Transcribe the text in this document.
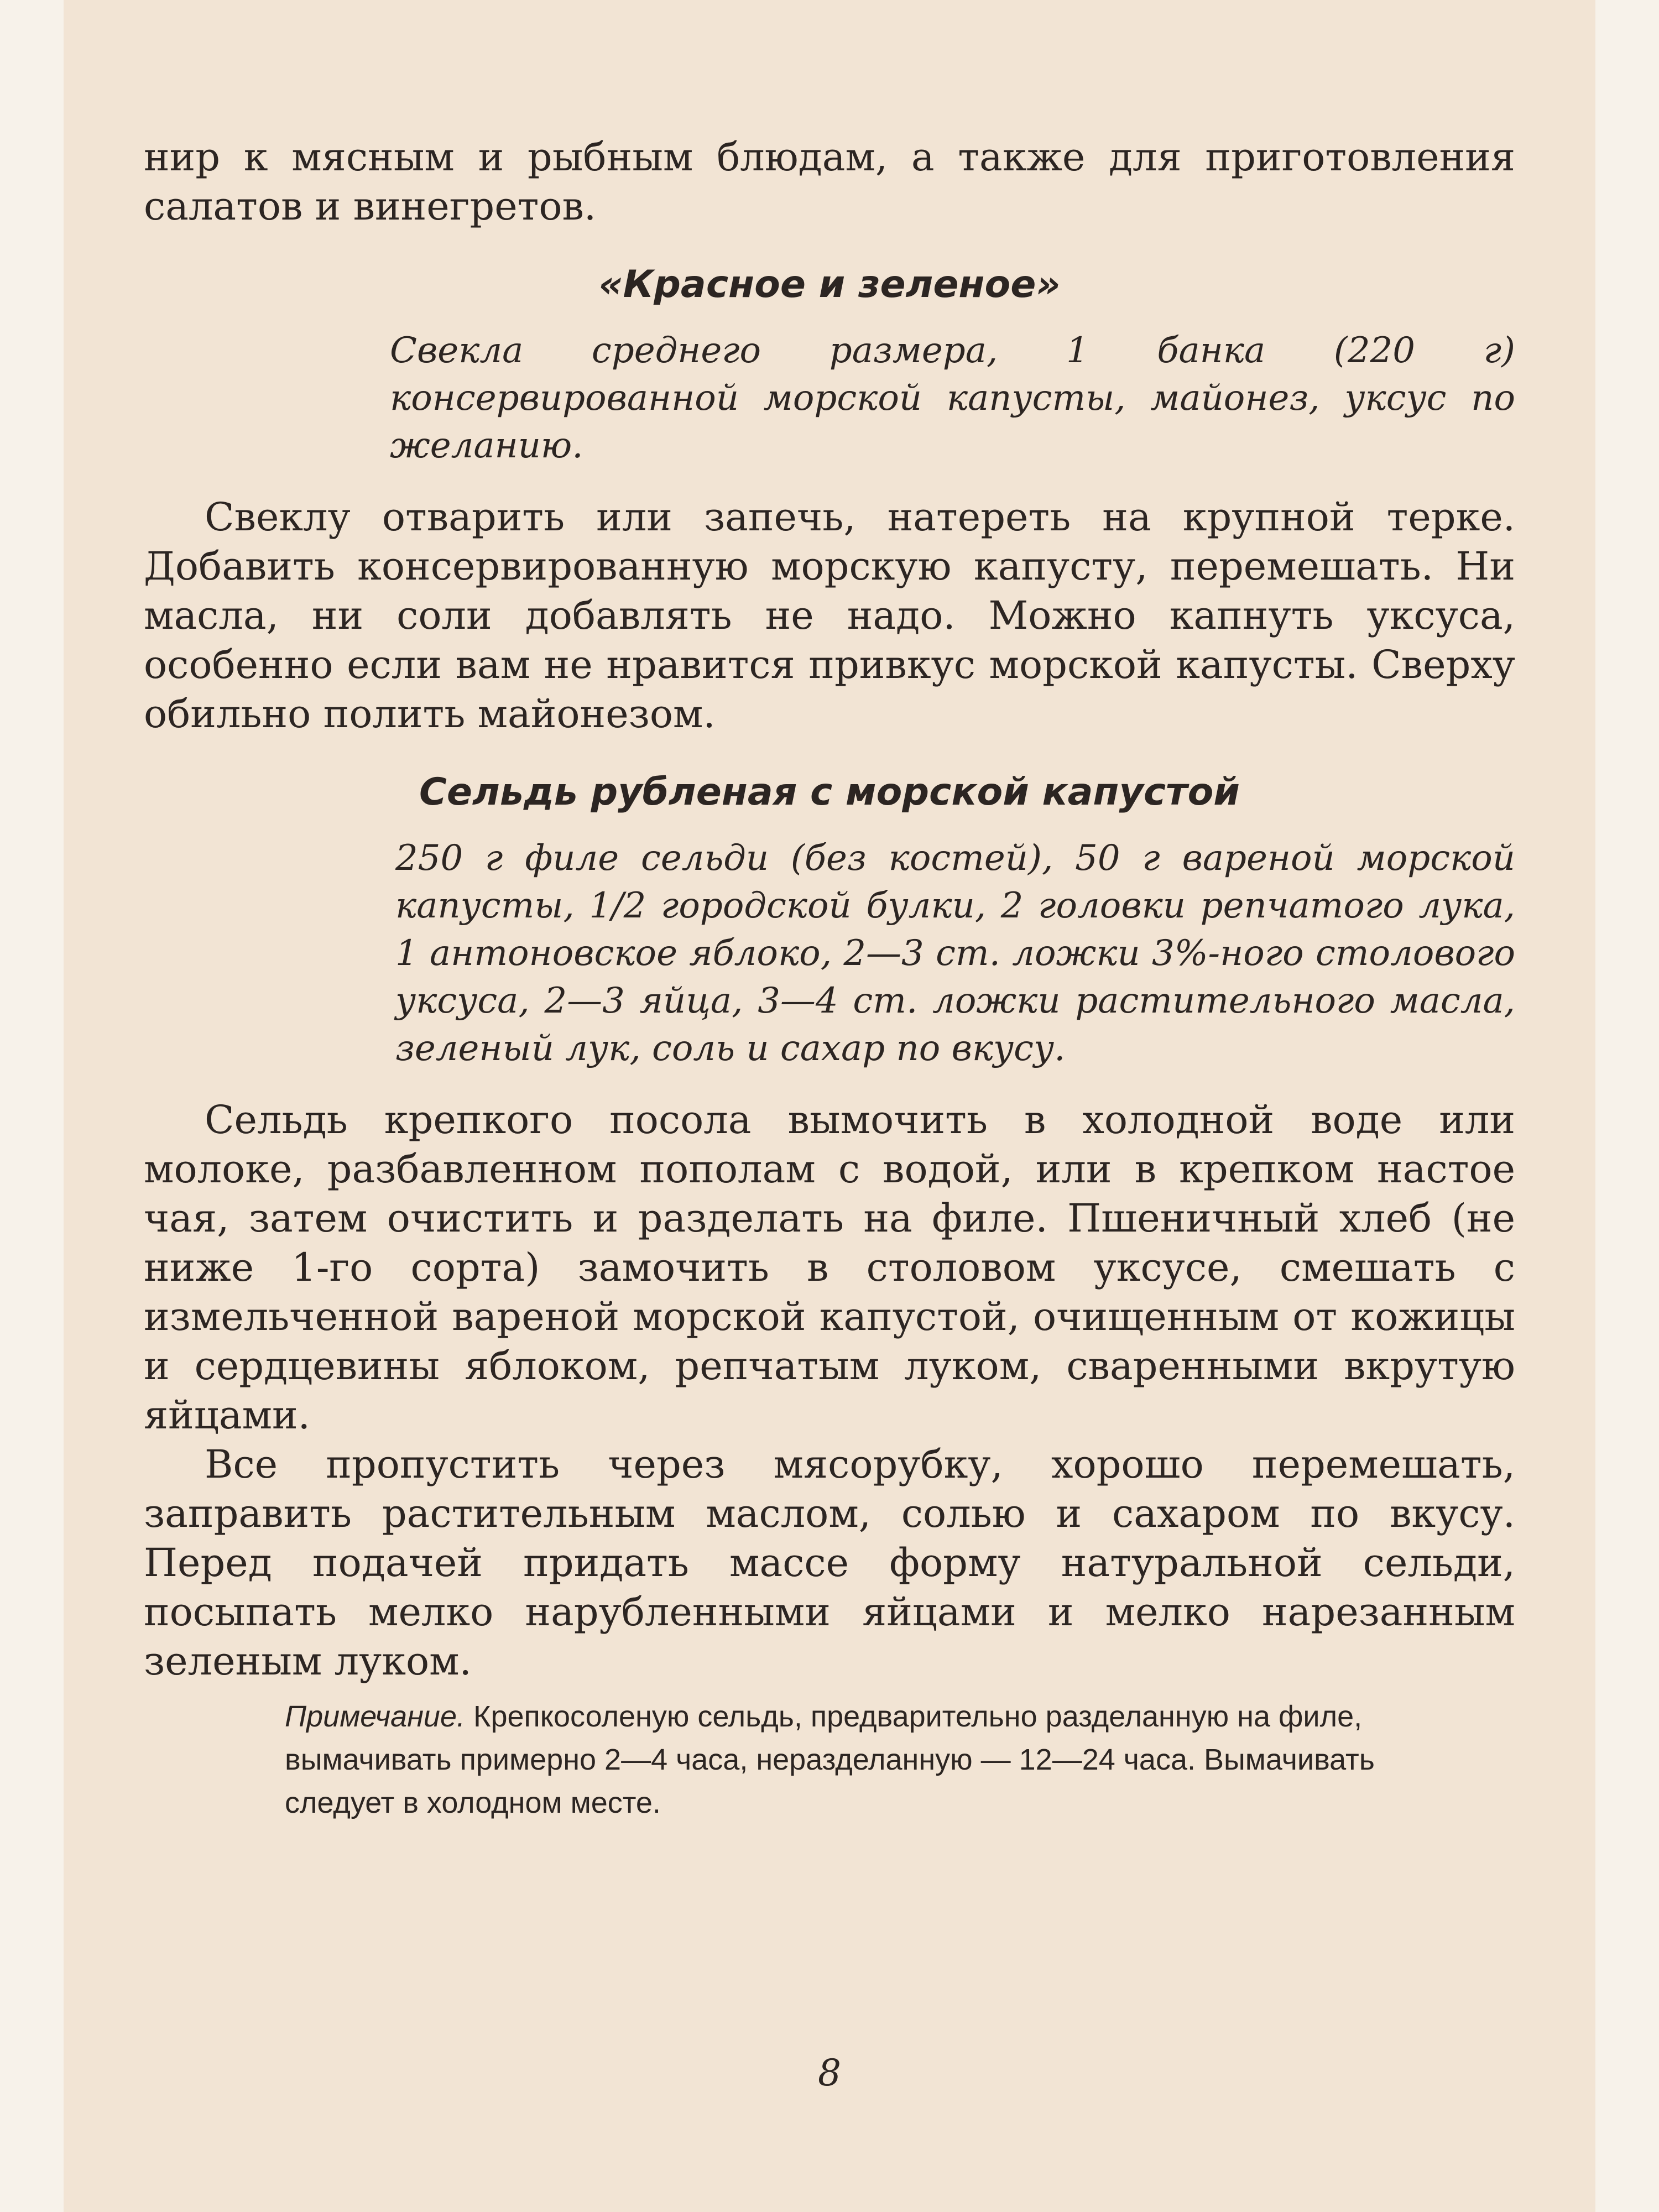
нир к мясным и рыбным блюдам, а также для приготовления салатов и винегретов.

«Красное и зеленое»
Свекла среднего размера, 1 банка (220 г) консервированной морской капусты, майонез, уксус по желанию.

Свеклу отварить или запечь, натереть на крупной терке. Добавить консервированную морскую капусту, перемешать. Ни масла, ни соли добавлять не надо. Можно капнуть уксуса, особенно если вам не нравится привкус морской капусты. Сверху обильно полить майонезом.

Сельдь рубленая с морской капустой
250 г филе сельди (без костей), 50 г вареной морской капусты, 1/2 городской булки, 2 головки репчатого лука, 1 антоновское яблоко, 2—3 ст. ложки 3%-ного столового уксуса, 2—3 яйца, 3—4 ст. ложки растительного масла, зеленый лук, соль и сахар по вкусу.

Сельдь крепкого посола вымочить в холодной воде или молоке, разбавленном пополам с водой, или в крепком настое чая, затем очистить и разделать на филе. Пшеничный хлеб (не ниже 1-го сорта) замочить в столовом уксусе, смешать с измельченной вареной морской капустой, очищенным от кожицы и сердцевины яблоком, репчатым луком, сваренными вкрутую яйцами.

Все пропустить через мясорубку, хорошо перемешать, заправить растительным маслом, солью и сахаром по вкусу. Перед подачей придать массе форму натуральной сельди, посыпать мелко нарубленными яйцами и мелко нарезанным зеленым луком.

Примечание. Крепкосоленую сельдь, предварительно разделанную на филе, вымачивать примерно 2—4 часа, неразделанную — 12—24 часа. Вымачивать следует в холодном месте.
8
